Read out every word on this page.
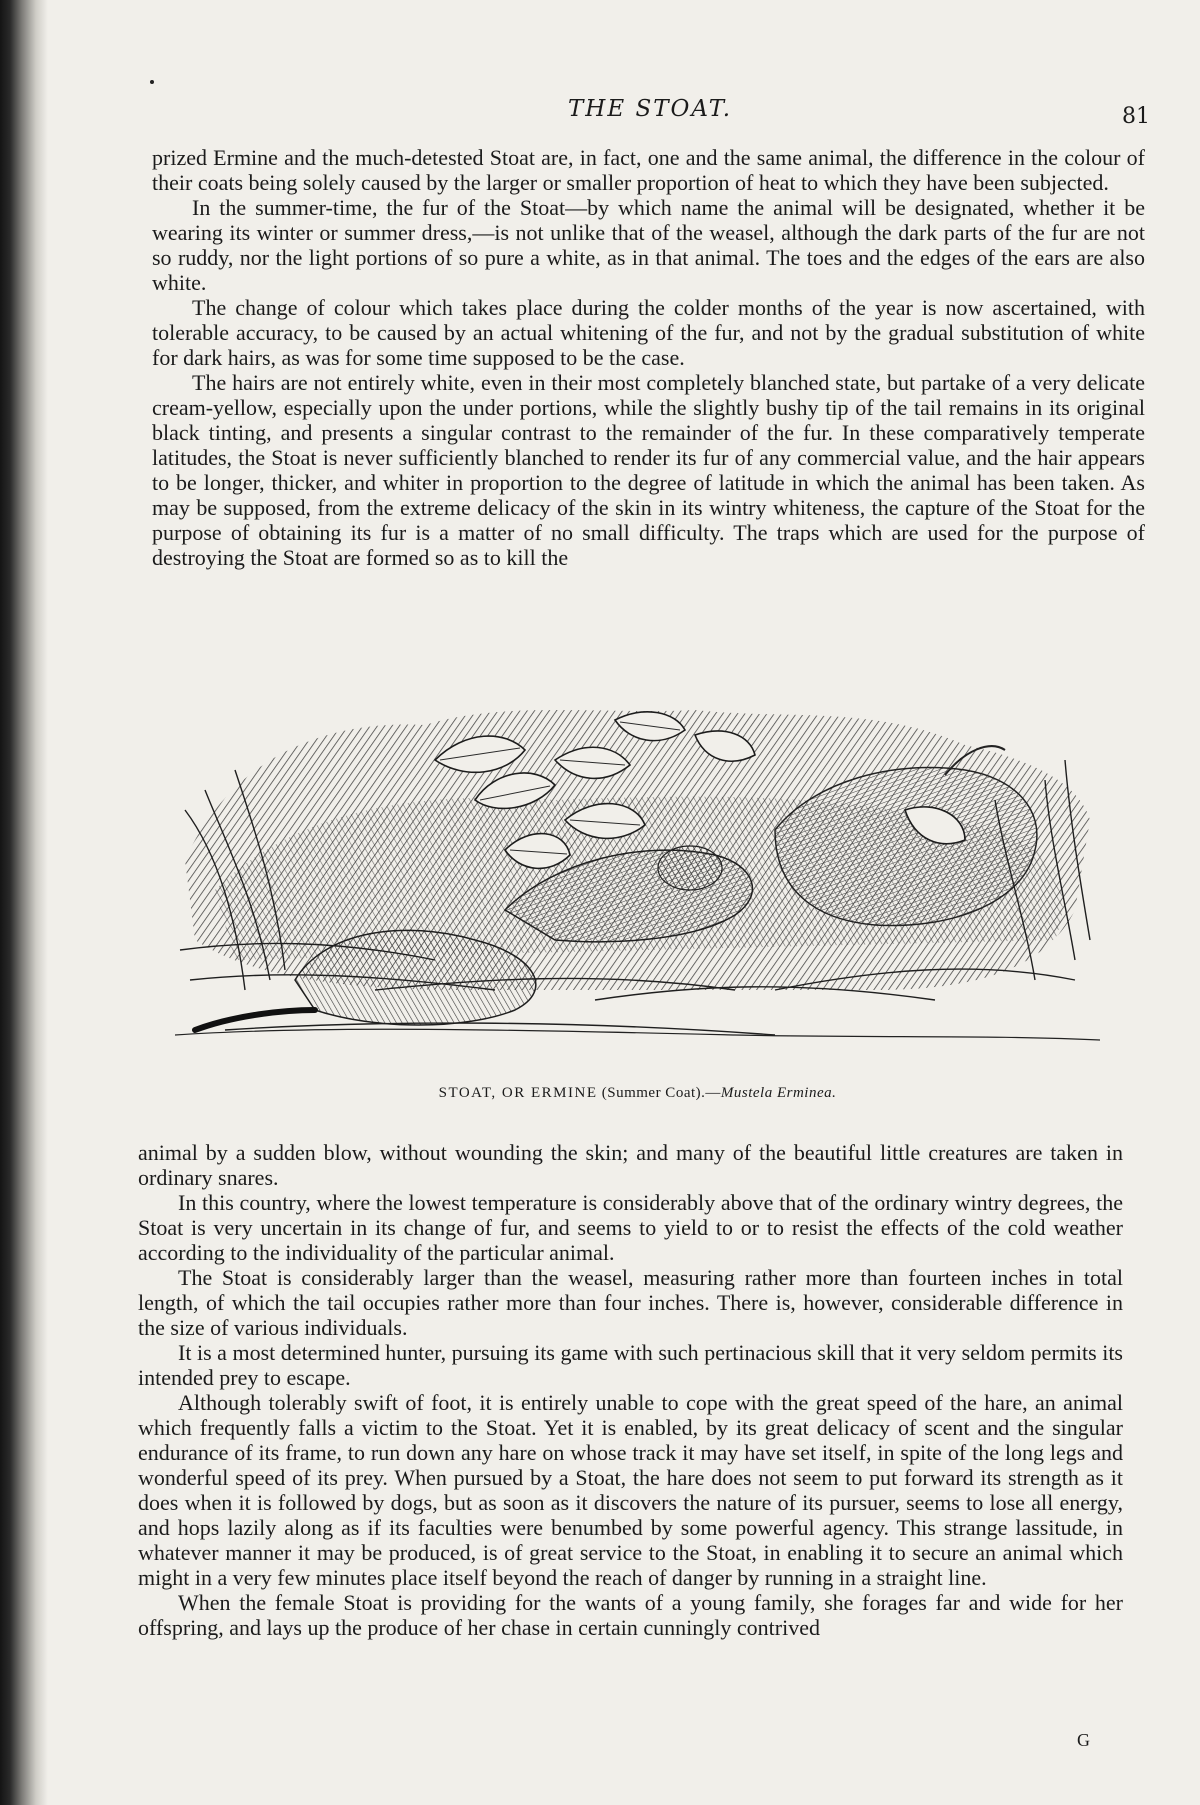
THE STOAT.	81

prized Ermine and the much-detested Stoat are, in fact, one and the same animal, the difference in the colour of their coats being solely caused by the larger or smaller proportion of heat to which they have been subjected.

In the summer-time, the fur of the Stoat—by which name the animal will be designated, whether it be wearing its winter or summer dress,—is not unlike that of the weasel, although the dark parts of the fur are not so ruddy, nor the light portions of so pure a white, as in that animal. The toes and the edges of the ears are also white.

The change of colour which takes place during the colder months of the year is now ascertained, with tolerable accuracy, to be caused by an actual whitening of the fur, and not by the gradual substitution of white for dark hairs, as was for some time supposed to be the case.

The hairs are not entirely white, even in their most completely blanched state, but partake of a very delicate cream-yellow, especially upon the under portions, while the slightly bushy tip of the tail remains in its original black tinting, and presents a singular contrast to the remainder of the fur. In these comparatively temperate latitudes, the Stoat is never sufficiently blanched to render its fur of any commercial value, and the hair appears to be longer, thicker, and whiter in proportion to the degree of latitude in which the animal has been taken. As may be supposed, from the extreme delicacy of the skin in its wintry whiteness, the capture of the Stoat for the purpose of obtaining its fur is a matter of no small difficulty. The traps which are used for the purpose of destroying the Stoat are formed so as to kill the

STOAT, OR ERMINE (Summer Coat).—Mustela Erminea.

animal by a sudden blow, without wounding the skin; and many of the beautiful little creatures are taken in ordinary snares.

In this country, where the lowest temperature is considerably above that of the ordinary wintry degrees, the Stoat is very uncertain in its change of fur, and seems to yield to or to resist the effects of the cold weather according to the individuality of the particular animal.

The Stoat is considerably larger than the weasel, measuring rather more than fourteen inches in total length, of which the tail occupies rather more than four inches. There is, however, considerable difference in the size of various individuals.

It is a most determined hunter, pursuing its game with such pertinacious skill that it very seldom permits its intended prey to escape.

Although tolerably swift of foot, it is entirely unable to cope with the great speed of the hare, an animal which frequently falls a victim to the Stoat. Yet it is enabled, by its great delicacy of scent and the singular endurance of its frame, to run down any hare on whose track it may have set itself, in spite of the long legs and wonderful speed of its prey. When pursued by a Stoat, the hare does not seem to put forward its strength as it does when it is followed by dogs, but as soon as it discovers the nature of its pursuer, seems to lose all energy, and hops lazily along as if its faculties were benumbed by some powerful agency. This strange lassitude, in whatever manner it may be produced, is of great service to the Stoat, in enabling it to secure an animal which might in a very few minutes place itself beyond the reach of danger by running in a straight line.

When the female Stoat is providing for the wants of a young family, she forages far and wide for her offspring, and lays up the produce of her chase in certain cunningly contrived

G
